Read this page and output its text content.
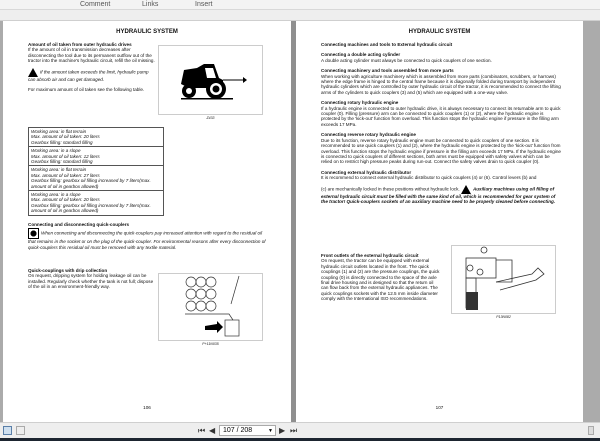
Comment	Links	Insert
HYDRAULIC SYSTEM
Amount of oil taken from outer hydraulic drives
If the amount of oil in transmission decreases after disconnecting the tool due to its permanent outflow out of the tractor into the machine's hydraulic circuit, refill the oil missing.
If the amount taken exceeds the limit, hydraulic pump can absorb air and can get damaged.
For maximum amount of oil taken see the following table.
Z433
Working area: in flat terrain
Max. amount of oil taken: 20 liters
Gearbox filling: standard filling

Working area: in a slope
Max. amount of oil taken: 12 liters
Gearbox filling: standard filling

Working area: in flat terrain
Max. amount of oil taken: 27 liters
Gearbox filling: gearbox oil filling increased by 7 liters(max. amount of oil in gearbox allowed)

Working area: in a slope
Max. amount of oil taken: 20 liters
Gearbox filling: gearbox oil filling increased by 7 liters(max. amount of oil in gearbox allowed)
Connecting and disconnecting quick-couplers
When connecting and disconnecting the quick-couplers pay increased attention with regard to the residual oil that remains in the socket or on the plug of the quick-coupler. For environmental reasons after every disconnection of quick-couplers this residual oil must be removed with any textile material.
Quick-couplings with drip collection
On request, dripping system for holding leakage oil can be installed. Regularly check whether the tank is not full; dispose of the oil in an environment-friendly way.
P+11N035
106
HYDRAULIC SYSTEM
Connecting machines and tools to External hydraulic circuit
Connecting a double acting cylinder
A double acting cylinder must always be connected to quick couplers of one section.
Connecting machinery and tools assembled from more parts
When working with agriculture machinery which is assembled from more parts (combinators, scrubbers, or harrows) where the edge frame is hinged to the central frame because it is diagonally folded during transport by independent hydraulic cylinders which are controlled by outer hydraulic circuit of the tractor, it is recommended to connect the lifting arms of the cylinders to quick couplers (3) and (5) which are equipped with a one-way valve.
Connecting rotary hydraulic engine
If a hydraulic engine is connected to outer hydraulic drive, it is always necessary to connect its returnable arm to quick coupler (0). Filling (pressure) arm can be connected to quick couplers (1) or (2), where the hydraulic engine is protected by the 'kick-out' function from overload. This function stops the hydraulic engine if pressure in the filling arm exceeds 17 MPa.
Connecting reverse rotary hydraulic engine
Due to its function, reverse rotary hydraulic engine must be connected to quick couplers of one section. It is recommended to use quick couplers (1) and (2), where the hydraulic engine is protected by the 'kick-out' function from overload. This function stops the hydraulic engine if pressure in the filling arm exceeds 17 MPa. If the hydraulic engine is connected to quick couplers of different sections, both arms must be equipped with safety valves which can be relied on to restrict high pressure peaks during run-out. Connect the safety valves drain to quick coupler (0).
Connecting external hydraulic distributor
It is recommend to connect external hydraulic distributor to quick couplers (4) or (6). Control levers (b) and
(c) are mechanically locked in these positions without hydraulic lock.	Auxiliary machines using oil filling of external hydraulic circuit must be filled with the same kind of oil, which is recommended for gear system of the tractor! Quick-couplers sockets of an auxiliary machine need to be properly cleaned before connecting.
Front outlets of the external hydraulic circuit
On request, the tractor can be equipped with external hydraulic circuit outlets located in the front. The quick couplings (1) and (2) are the pressure couplings, the quick coupling (0) is directly connected to the space of the axle final drive housing and is designed so that the return oil can flow back from the external hydraulic appliances. The quick couplings sockets with the 12.5 mm inside diameter comply with the International ISO recommendations.
P13N082
107
⏮ ◀	107 / 208	▼ ▶ ⏭
